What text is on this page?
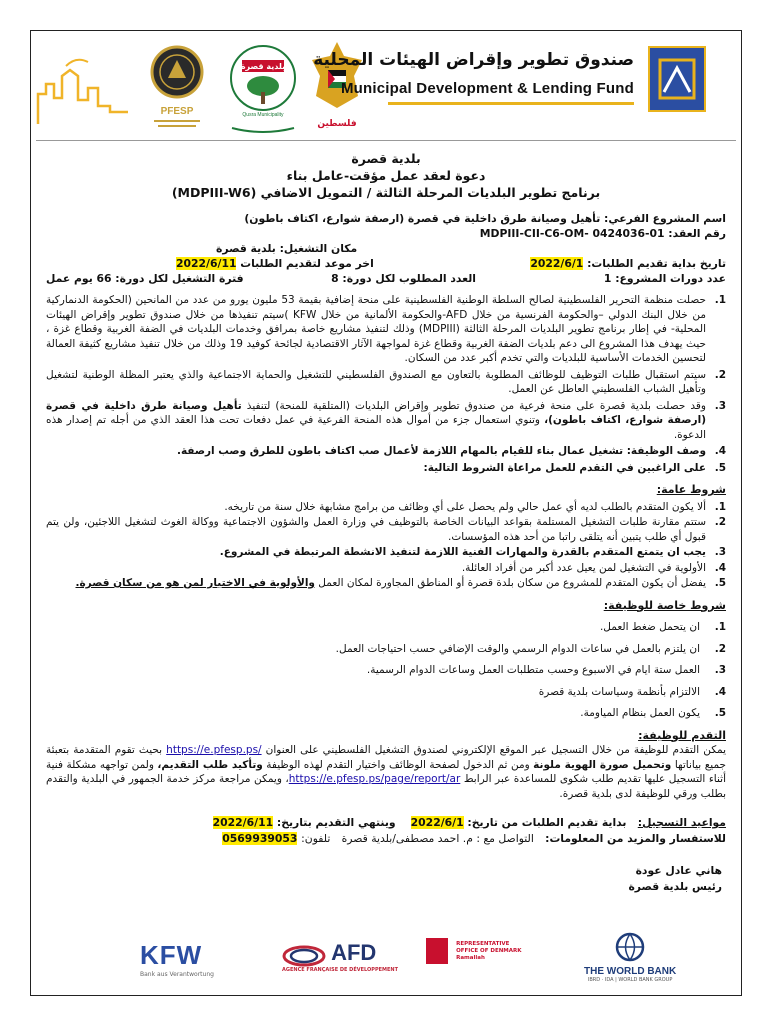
PFESP
بلدية قصرة
Qusra Municipality
فلسطين
صندوق تطوير وإقراض الهيئات المحلية
Municipal Development & Lending Fund
بلدية قصرة
دعوة لعقد عمل مؤقت-عامل بناء
برنامج تطوير البلديات المرحلة الثالثة / التمويل الاضافي (MDPIII-W6)
اسم المشروع الفرعي: تأهيل وصيانة طرق داخلية في قصرة (ارصفة شوارع، اكتاف باطون)
رقم العقد: MDPIII-CII-C6-OM- 0424036-01
مكان التشغيل: بلدية قصرة
تاريخ بداية تقديم الطلبات: 2022/6/1
اخر موعد لتقديم الطلبات 2022/6/11
عدد دورات المشروع: 1
العدد المطلوب لكل دورة: 8
فترة التشغيل لكل دورة: 66 يوم عمل
1.
حصلت منظمة التحرير الفلسطينية لصالح السلطة الوطنية الفلسطينية على منحة إضافية بقيمة 53 مليون يورو من عدد من المانحين (الحكومة الدنماركية من خلال البنك الدولي –والحكومة الفرنسية من خلال AFD-والحكومة الألمانية من خلال KFW )سيتم تنفيذها من خلال صندوق تطوير وإقراض الهيئات المحلية- في إطار برنامج تطوير البلديات المرحلة الثالثة (MDPIII) وذلك لتنفيذ مشاريع خاصة بمرافق وخدمات البلديات في الضفة الغربية وقطاع غزة ، حيث يهدف هذا المشروع الى دعم بلديات الضفة الغربية وقطاع غزة لمواجهة الآثار الاقتصادية لجائحة كوفيد 19 وذلك من خلال تنفيذ مشاريع كثيفة العمالة لتحسين الخدمات الأساسية للبلديات والتي تخدم أكبر عدد من السكان.
2.
سيتم استقبال طلبات التوظيف للوظائف المطلوبة بالتعاون مع الصندوق الفلسطيني للتشغيل والحماية الاجتماعية والذي يعتبر المظلة الوطنية لتشغيل وتأهيل الشباب الفلسطيني العاطل عن العمل.
3.
وقد حصلت بلدية قصرة على منحة فرعية من صندوق تطوير وإقراض البلديات (المتلقية للمنحة) لتنفيذ تأهيل وصيانة طرق داخلية في قصرة (ارصفة شوارع، اكتاف باطون)، وتنوي استعمال جزء من أموال هذه المنحة الفرعية في عمل دفعات تحت هذا العقد الذي من أجله تم إصدار هذه الدعوة.
4.
وصف الوظيفة: تشغيل عمال بناء للقيام بالمهام اللازمة لأعمال صب اكتاف باطون للطرق وصب ارصفة.
5.
على الراغبين في التقدم للعمل مراعاة الشروط التالية:
شروط عامة:
1.
ألا يكون المتقدم بالطلب لديه أي عمل حالي ولم يحصل على أي وظائف من برامج مشابهة خلال سنة من تاريخه.
2.
ستتم مقارنة طلبات التشغيل المستلمة بقواعد البيانات الخاصة بالتوظيف في وزارة العمل والشؤون الاجتماعية ووكالة الغوث لتشغيل اللاجئين، ولن يتم قبول أي طلب يتبين أنه يتلقى راتبا من أحد هذه المؤسسات.
3.
يجب ان يتمتع المتقدم بالقدرة والمهارات الفنية اللازمة لتنفيذ الانشطة المرتبطة في المشروع.
4.
الأولوية في التشغيل لمن يعيل عدد أكبر من أفراد العائلة.
5.
يفضل أن يكون المتقدم للمشروع من سكان بلدة قصرة أو المناطق المجاورة لمكان العمل والأولوية في الاختيار لمن هو من سكان قصرة.
شروط خاصة للوظيفة:
1.
ان يتحمل ضغط العمل.
2.
ان يلتزم بالعمل في ساعات الدوام الرسمي والوقت الإضافي حسب احتياجات العمل.
3.
العمل ستة ايام في الاسبوع وحسب متطلبات العمل وساعات الدوام الرسمية.
4.
الالتزام بأنظمة وسياسات بلدية قصرة
5.
يكون العمل بنظام المياومة.
التقدم للوظيفة:
يمكن التقدم للوظيفة من خلال التسجيل عبر الموقع الإلكتروني لصندوق التشغيل الفلسطيني على العنوان https://e.pfesp.ps/ بحيث تقوم المتقدمة بتعبئة جميع بياناتها وتحميل صورة الهوية ملونة ومن ثم الدخول لصفحة الوظائف واختيار التقدم لهذه الوظيفة وتأكيد طلب التقديم، ولمن تواجهه مشكلة فنية أثناء التسجيل عليها تقديم طلب شكوى للمساعدة عبر الرابط https://e.pfesp.ps/page/report/ar، ويمكن مراجعة مركز خدمة الجمهور في البلدية والتقدم بطلب ورقي للوظيفة لدى بلدية قصرة.
مواعيد التسجيل:   بداية تقديم الطلبات من تاريخ: 2022/6/1    وينتهي التقديم بتاريخ: 2022/6/11
للاستفسار والمزيد من المعلومات:   التواصل مع : م. احمد مصطفى/بلدية قصرة   تلفون: 0569939053
هاني عادل عودة
رئيس بلدية قصرة
KFW
Bank aus Verantwortung
AFD
AGENCE FRANÇAISE DE DÉVELOPPEMENT
REPRESENTATIVE OFFICE OF DENMARK Ramallah
THE WORLD BANK
IBRD · IDA | WORLD BANK GROUP
